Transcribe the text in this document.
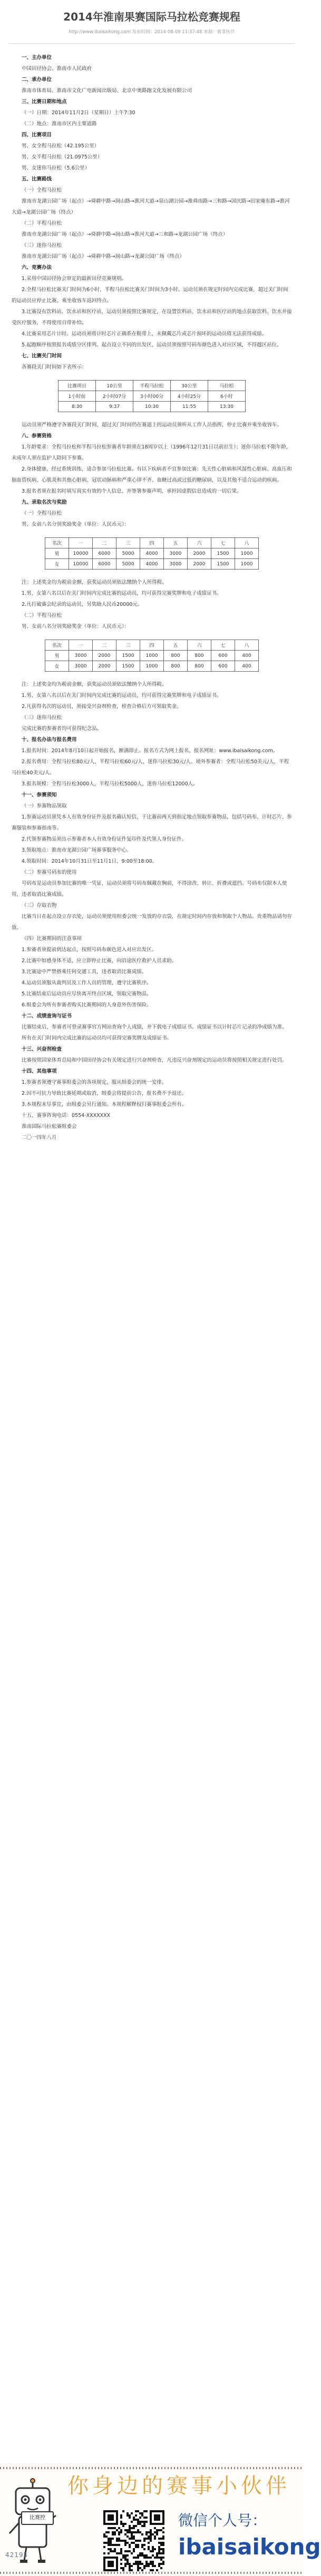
2014年淮南果赛国际马拉松竞赛规程
http://www.ibaisaikong.com 发布时间：2014-08-09 11:37:48 来源：赛事伙伴

一、主办单位

中国田径协会、淮南市人民政府

二、承办单位

淮南市体育局、淮南市文化广电新闻出版局、北京中奥路跑文化发展有限公司

三、比赛日期和地点

（一）日期：2014年11月2日（星期日）上午7:30

（二）地点：淮南市区内主要道路

四、比赛项目

男、女全程马拉松（42.195公里）

男、女半程马拉松（21.0975公里）

男、女迷你马拉松（5.6公里）

五、比赛路线

（一）全程马拉松

淮南市龙湖公园广场（起点）→舜耕中路→洞山路→淮河大道→泉山湖公园→淮舜南路→三和路→国庆路→田家庵东路→淮河大道→龙湖公园广场（终点）

（二）半程马拉松

淮南市龙湖公园广场（起点）→舜耕中路→洞山路→淮河大道→三和路→龙湖公园广场（终点）

（三）迷你马拉松

淮南市龙湖公园广场（起点）→舜耕中路→洞山路→龙湖公园广场（终点）

六、竞赛办法

1.采用中国田径协会审定的最新田径竞赛规则。

2.全程马拉松比赛关门时间为6小时，半程马拉松比赛关门时间为3小时。运动员须在规定时间内完成比赛，超过关门时间的运动员应停止比赛，乘坐收容车返回终点。

3.比赛设有饮料站、饮水站和医疗站，运动员须按照比赛规定，在设置饮料站、饮水站和医疗站的地点获取饮料、饮水并接受医疗服务，不得使用自带补给。

4.比赛采用芯片计时。运动员须将计时芯片正确系在鞋带上，未佩戴芯片或芯片损坏的运动员将无法获得成绩。

5.起跑顺序按照报名成绩分区排列。起点设立不同的出发区，运动员须按照号码布颜色进入对应区域，不得越区站位。

七、比赛关门时间

各赛段关门时间如下表所示：

比赛项目	10公里	半程马拉松	30公里	马拉松
1小时前	2小时07分	3小时00分	4小时25分	6小时
8:30	9:37	10:30	11:55	13:30

运动员须严格遵守各赛段关门时间，超过关门时间仍在赛道上的运动员须听从工作人员指挥，停止比赛并乘坐收容车。

八、参赛资格

1.年龄要求：全程马拉松和半程马拉松参赛者年龄须在18周岁以上（1996年12月31日以前出生）；迷你马拉松不限年龄，未成年人须在监护人陪同下参赛。

2.身体健康，经过系统训练，适合参加马拉松比赛。有以下疾病者不宜参加比赛：先天性心脏病和风湿性心脏病、高血压和脑血管疾病、心肌炎和其他心脏病、冠状动脉病和严重心律不齐、血糖过高或过低的糖尿病，以及其他不适合运动的疾病。

3.报名者须在报名时填写真实有效的个人信息，并签署参赛声明，承担因虚假信息造成的一切后果。

九、录取名次与奖励

（一）全程马拉松

男、女前八名分别奖励奖金（单位：人民币元）：

名次	一	二	三	四	五	六	七	八
男	10000	6000	5000	4000	3000	2000	1500	1000
女	10000	6000	5000	4000	3000	2000	1500	1000

注：上述奖金均为税前金额，获奖运动员须依法缴纳个人所得税。

1.男、女第八名以后在关门时间内完成比赛的运动员，均可获得完赛奖牌和电子成绩证书。

2.凡打破赛会纪录的运动员，另奖励人民币20000元。

（二）半程马拉松

男、女前八名分别奖励奖金（单位：人民币元）：

名次	一	二	三	四	五	六	七	八
男	3000	2000	1500	1000	800	800	600	400
女	3000	2000	1500	1000	800	800	600	400

注：上述奖金均为税前金额，获奖运动员须依法缴纳个人所得税。

1.男、女第八名以后在关门时间内完成比赛的运动员，均可获得完赛奖牌和电子成绩证书。

2.凡获得名次的运动员，须接受兴奋剂检查，检查合格后方可领取奖金。

（三）迷你马拉松

完成比赛的参赛者均可获得纪念品。

十、报名办法与报名费用

1.报名时间：2014年8月10日起开始报名，额满即止。报名方式为网上报名，报名网址：www.ibaisaikong.com。

2.报名费用：全程马拉松80元/人，半程马拉松60元/人，迷你马拉松30元/人。境外参赛者：全程马拉松50美元/人，半程马拉松40美元/人。

3.报名规模：全程马拉松3000人，半程马拉松5000人，迷你马拉松12000人。

十一、参赛须知

（一）参赛物品领取

1.参赛运动员须凭本人有效身份证件及报名确认短信，于比赛前两天到指定地点领取参赛物品，包括号码布、计时芯片、参赛服装和参赛指南等。

2.代领参赛物品须出示参赛者本人有效身份证件复印件及代领人身份证件。

3.领取地点：淮南市龙湖公园广场赛事服务中心。

4.领取时间：2014年10月31日至11月1日，9:00至18:00。

（二）参赛号码布的使用

号码布是运动员参加比赛的唯一凭证，运动员须将号码布佩戴在胸前，不得涂改、转让、折叠或遮挡。号码布仅限本人使用，违者取消比赛成绩。

（三）存取衣物

比赛当日在起点设立存衣处，运动员须使用组委会统一发放的存衣袋，在规定时间内存放和领取个人物品。贵重物品请勿存放。

（四）比赛期间的注意事项

1.参赛者须提前到达起点，按照号码布颜色进入对应出发区。

2.比赛中如感身体不适，应立即停止比赛，向沿途医疗救护人员求助。

3.比赛途中严禁搭乘任何交通工具，违者取消比赛成绩。

4.运动员须服从裁判员及工作人员的管理，遵守比赛秩序。

5.比赛结束后运动员应尽快离开终点区域，领取完赛物品。

6.组委会为所有参赛者购买比赛期间的人身意外伤害保险。

十二、成绩查询与证书

比赛结束后，参赛者可登录赛事官方网站查询个人成绩，并下载电子成绩证书。成绩证书以计时芯片记录的净成绩为准。

所有在关门时间内完成比赛的运动员均可获得完赛奖牌及成绩证书。

十三、兴奋剂检查

比赛按照国家体育总局和中国田径协会有关规定进行兴奋剂检查，凡违反兴奋剂规定的运动员将按照相关规定进行处罚。

十四、其他事项

1.参赛者须遵守赛事组委会的各项规定，服从组委会的统一安排。

2.因不可抗力导致比赛延期或取消，组委会将提前公告，报名费不予退还。

3.本规程未尽事宜，由组委会另行通知。本规程解释权归赛事组委会所有。

十五、赛事咨询电话：0554-XXXXXXX

淮南国际马拉松赛组委会

二〇一四年八月

比赛控
42195
你身边的赛事小伙伴
微信个人号：
ibaisaikong
